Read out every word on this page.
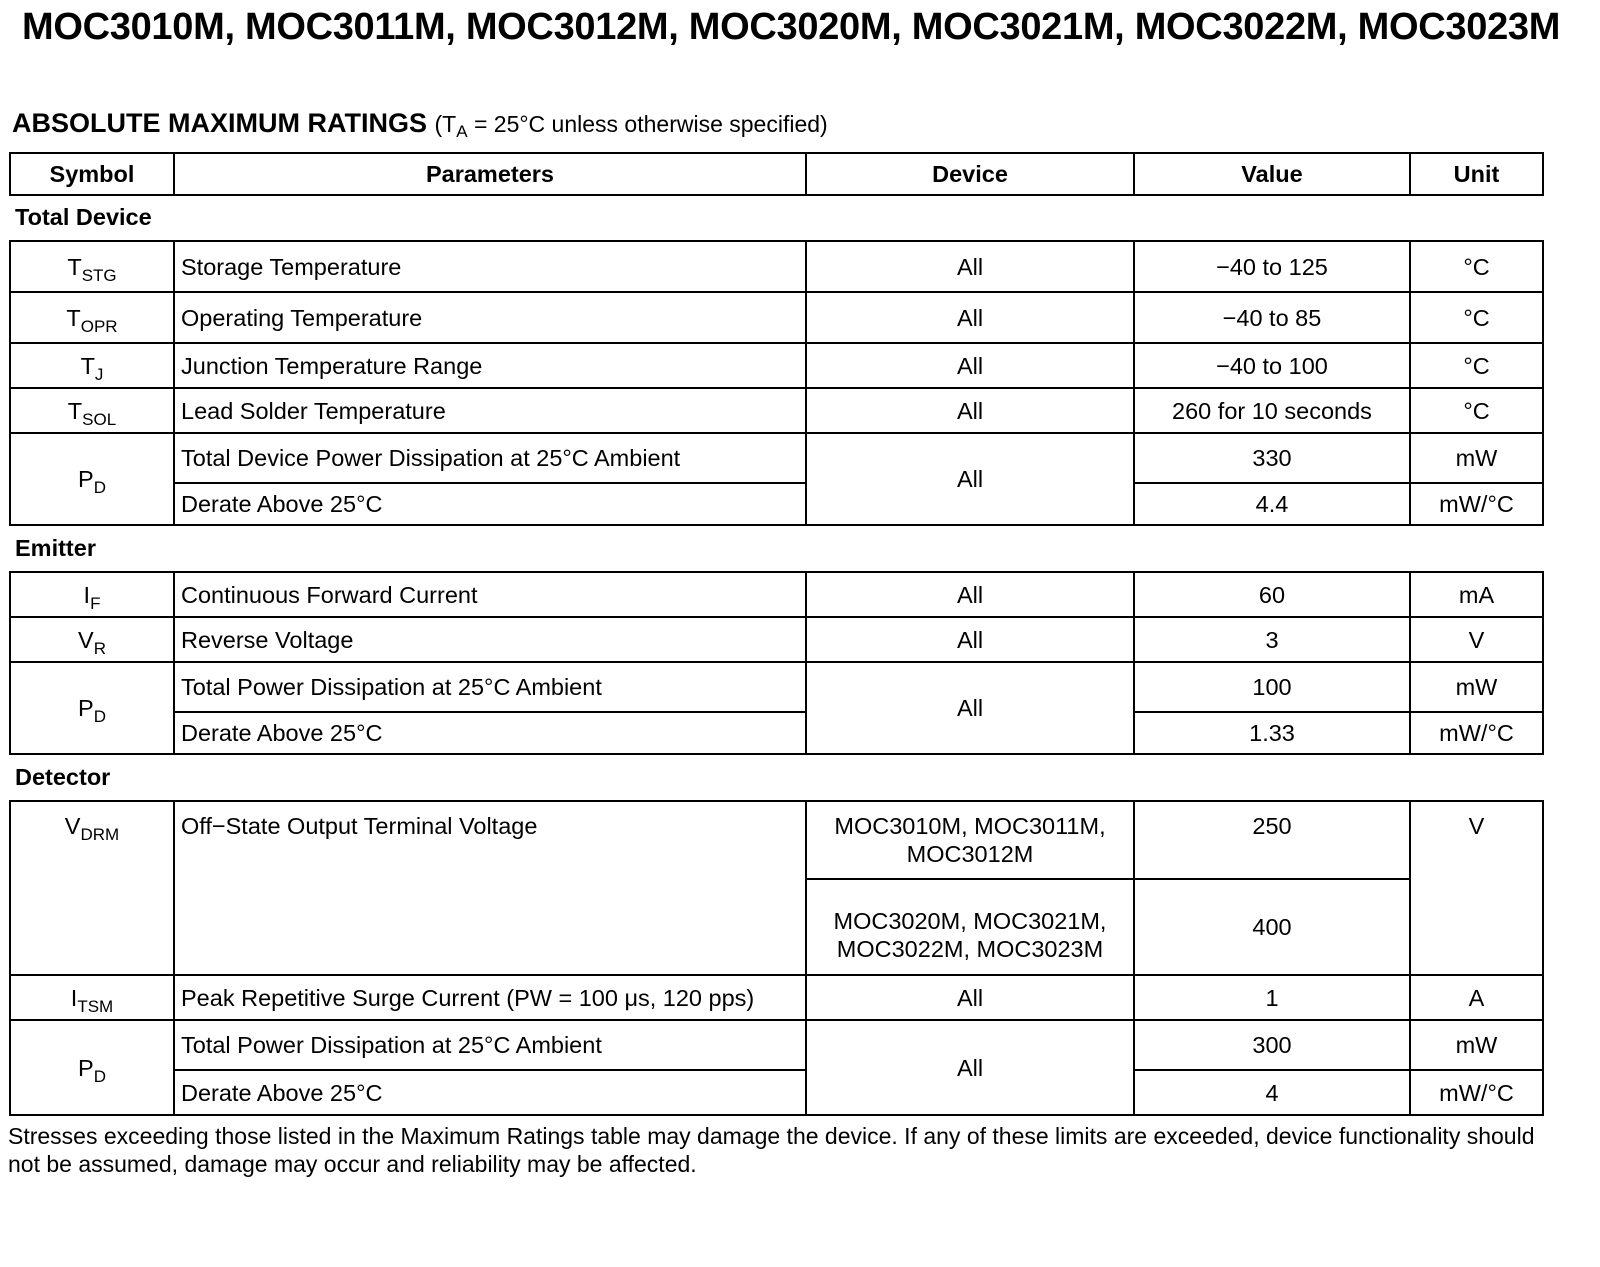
MOC3010M, MOC3011M, MOC3012M, MOC3020M, MOC3021M, MOC3022M, MOC3023M
ABSOLUTE MAXIMUM RATINGS ($T_A = 25^\circ C$ unless otherwise specified)
Symbol	Parameters	Device	Value	Unit
Total Device
$T_{STG}$	Storage Temperature	All	−40 to 125	°C
$T_{OPR}$	Operating Temperature	All	−40 to 85	°C
$T_J$	Junction Temperature Range	All	−40 to 100	°C
$T_{SOL}$	Lead Solder Temperature	All	260 for 10 seconds	°C
$P_D$	Total Device Power Dissipation at 25°C Ambient	All	330	mW
	Derate Above 25°C		4.4	mW/°C
Emitter
$I_F$	Continuous Forward Current	All	60	mA
$V_R$	Reverse Voltage	All	3	V
$P_D$	Total Power Dissipation at 25°C Ambient	All	100	mW
	Derate Above 25°C		1.33	mW/°C
Detector
$V_{DRM}$	Off−State Output Terminal Voltage	MOC3010M, MOC3011M,
MOC3012M	250	V

		MOC3020M, MOC3021M,
MOC3022M, MOC3023M	400	
$I_{TSM}$	Peak Repetitive Surge Current (PW = 100 μs, 120 pps)	All	1	A
$P_D$	Total Power Dissipation at 25°C Ambient	All	300	mW
	Derate Above 25°C		4	mW/°C
Stresses exceeding those listed in the Maximum Ratings table may damage the device. If any of these limits are exceeded, device functionality should not be assumed, damage may occur and reliability may be affected.
